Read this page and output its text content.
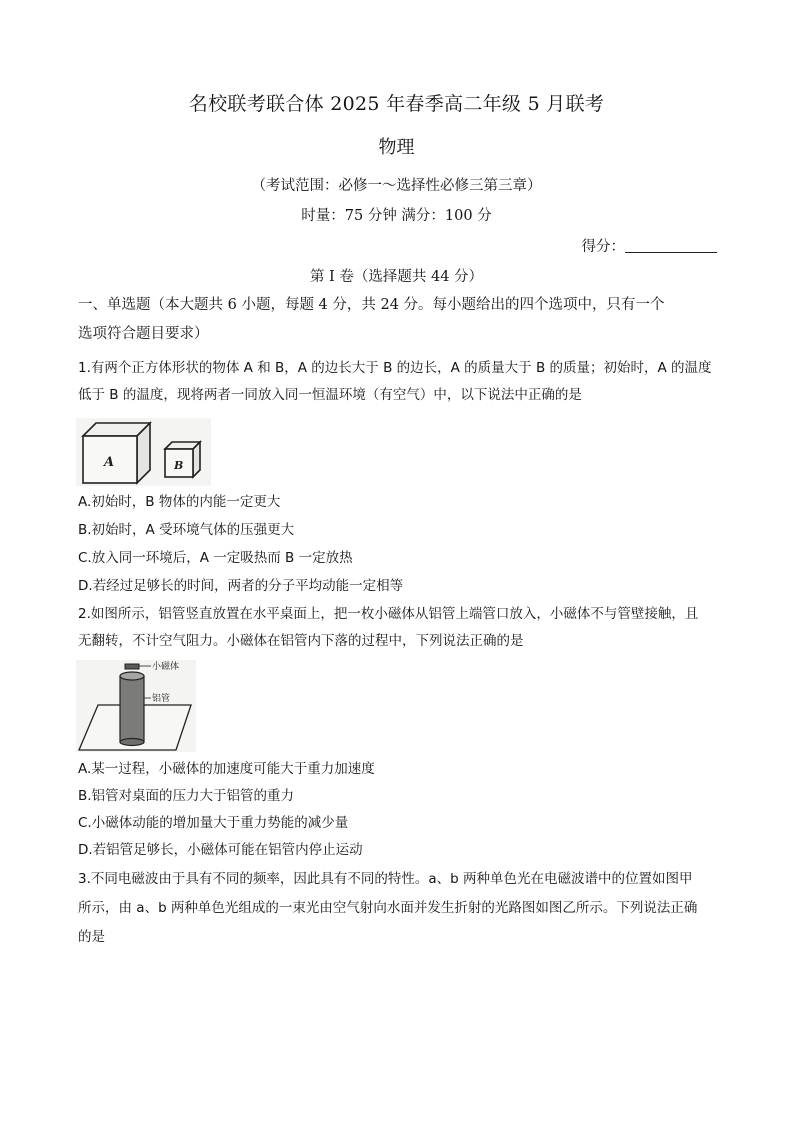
名校联考联合体 2025 年春季高二年级 5 月联考
物理
（考试范围：必修一～选择性必修三第三章）
时量：75 分钟 满分：100 分
得分：
第 I 卷（选择题共 44 分）
一、单选题（本大题共 6 小题，每题 4 分，共 24 分。每小题给出的四个选项中，只有一个
选项符合题目要求）
1.有两个正方体形状的物体 A 和 B，A 的边长大于 B 的边长，A 的质量大于 B 的质量；初始时，A 的温度
低于 B 的温度，现将两者一同放入同一恒温环境（有空气）中，以下说法中正确的是
A	B
A.初始时，B 物体的内能一定更大
B.初始时，A 受环境气体的压强更大
C.放入同一环境后，A 一定吸热而 B 一定放热
D.若经过足够长的时间，两者的分子平均动能一定相等
2.如图所示，铝管竖直放置在水平桌面上，把一枚小磁体从铝管上端管口放入，小磁体不与管壁接触，且
无翻转，不计空气阻力。小磁体在铝管内下落的过程中，下列说法正确的是
小磁体
铝管
A.某一过程，小磁体的加速度可能大于重力加速度
B.铝管对桌面的压力大于铝管的重力
C.小磁体动能的增加量大于重力势能的减少量
D.若铝管足够长，小磁体可能在铝管内停止运动
3.不同电磁波由于具有不同的频率，因此具有不同的特性。a、b 两种单色光在电磁波谱中的位置如图甲
所示，由 a、b 两种单色光组成的一束光由空气射向水面并发生折射的光路图如图乙所示。下列说法正确
的是
